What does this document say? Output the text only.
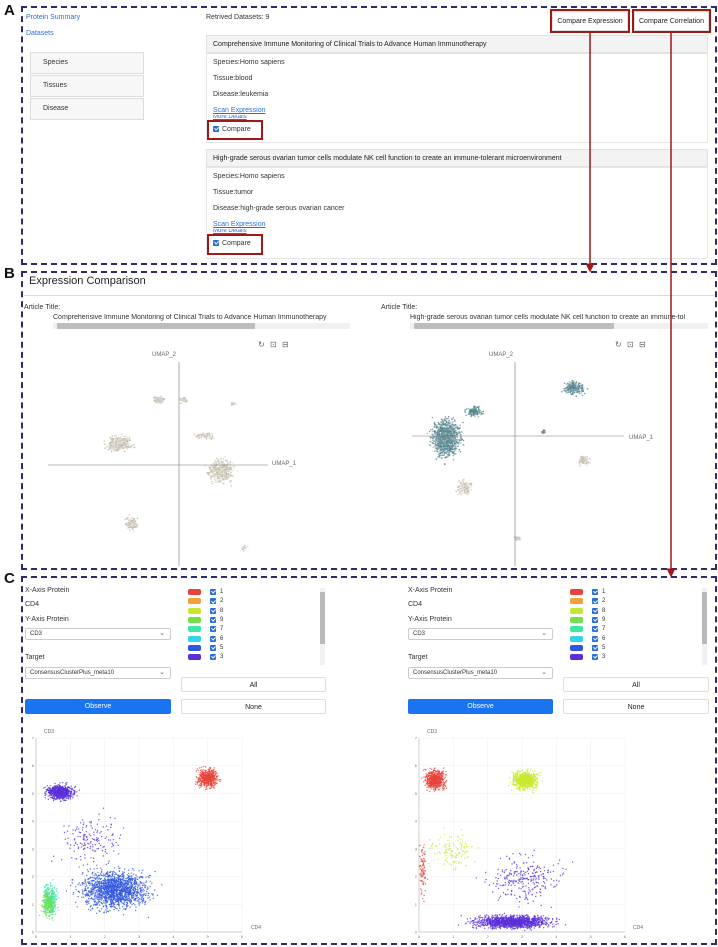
A Protein Summary
Datasets
Species
Tissues
Disease
Retrived Datasets: 9
Compare Expression	Compare Correlation
Comprehensive Immune Monitoring of Clinical Trials to Advance Human Immunotherapy
Species:Homo sapiens
Tissue:blood
Disease:leukemia
Scan Expression
More Details
Compare
High-grade serous ovarian tumor cells modulate NK cell function to create an immune-tolerant microenvironment
Species:Homo sapiens
Tissue:tumor
Disease:high-grade serous ovarian cancer
Scan Expression
More Details
Compare
B Expression Comparison
Article Title:
Comprehensive Immune Monitoring of Clinical Trials to Advance Human Immunotherapy
Article Title:
High-grade serous ovarian tumor cells modulate NK cell function to create an immune-tol
↻ ⊡ ⊟	↻ ⊡ ⊟
UMAP_2
UMAP_1
UMAP_2
UMAP_1
C
X-Axis Protein
CD4
Y-Axis Protein
CD3	⌄
Target
ConsensusClusterPlus_meta10	⌄
Observe
1
2
8
9
7
6
5
3
All
None
X-Axis Protein
CD4
Y-Axis Protein
CD3	⌄
Target
ConsensusClusterPlus_meta10	⌄
Observe
1
2
8
9
7
6
5
3
All
None
0	1	2	3	4	5	6
0
1
2
3
4
5
6
7
0	1	2	3	4	5	6
0
1
2
3
4
5
6
7
CD3
CD4
CD3
CD4
